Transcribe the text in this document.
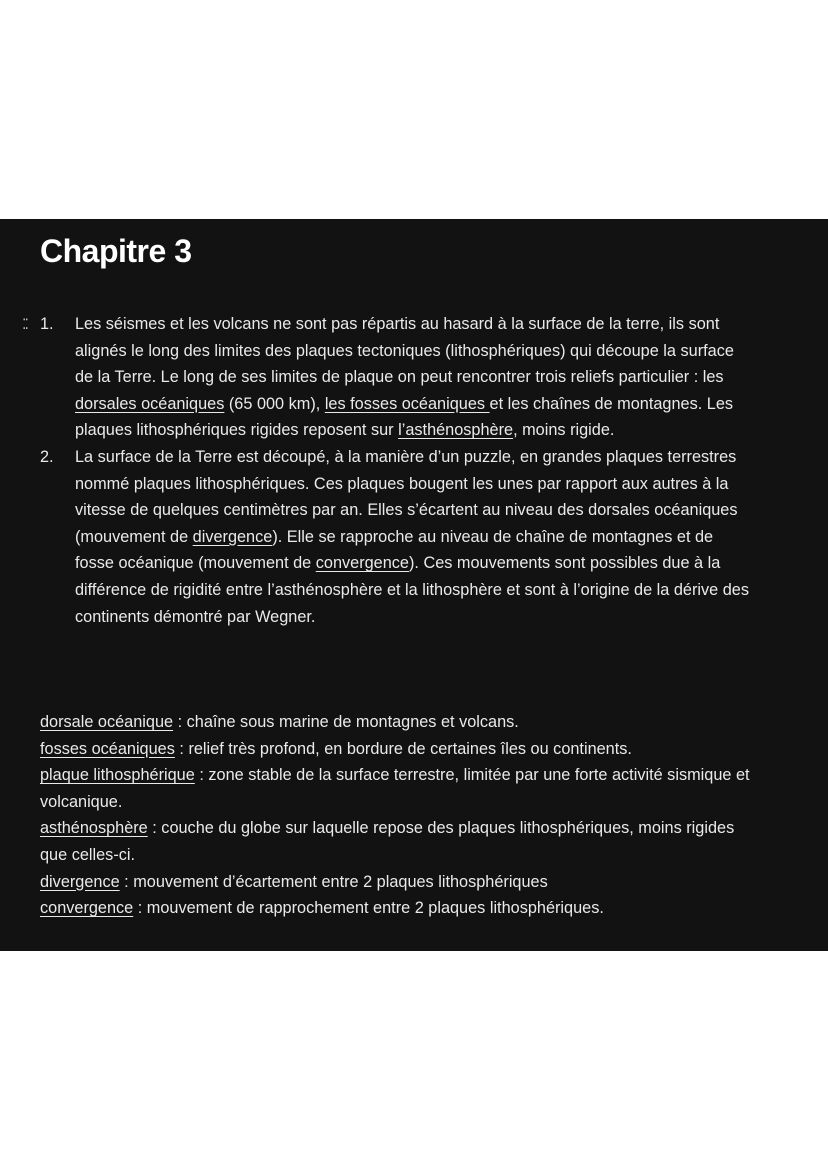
Chapitre 3
⁚⁚ 1. Les séismes et les volcans ne sont pas répartis au hasard à la surface de la terre, ils sont alignés le long des limites des plaques tectoniques (lithosphériques) qui découpe la surface de la Terre. Le long de ses limites de plaque on peut rencontrer trois reliefs particulier : les dorsales océaniques (65 000 km), les fosses océaniques et les chaînes de montagnes. Les plaques lithosphériques rigides reposent sur l’asthénosphère, moins rigide.
2. La surface de la Terre est découpé, à la manière d’un puzzle, en grandes plaques terrestres nommé plaques lithosphériques. Ces plaques bougent les unes par rapport aux autres à la vitesse de quelques centimètres par an. Elles s’écartent au niveau des dorsales océaniques (mouvement de divergence). Elle se rapproche au niveau de chaîne de montagnes et de fosse océanique (mouvement de convergence). Ces mouvements sont possibles due à la différence de rigidité entre l’asthénosphère et la lithosphère et sont à l’origine de la dérive des continents démontré par Wegner.
dorsale océanique : chaîne sous marine de montagnes et volcans.
fosses océaniques : relief très profond, en bordure de certaines îles ou continents.
plaque lithosphérique : zone stable de la surface terrestre, limitée par une forte activité sismique et volcanique.
asthénosphère : couche du globe sur laquelle repose des plaques lithosphériques, moins rigides que celles-ci.
divergence : mouvement d’écartement entre 2 plaques lithosphériques
convergence : mouvement de rapprochement entre 2 plaques lithosphériques.
